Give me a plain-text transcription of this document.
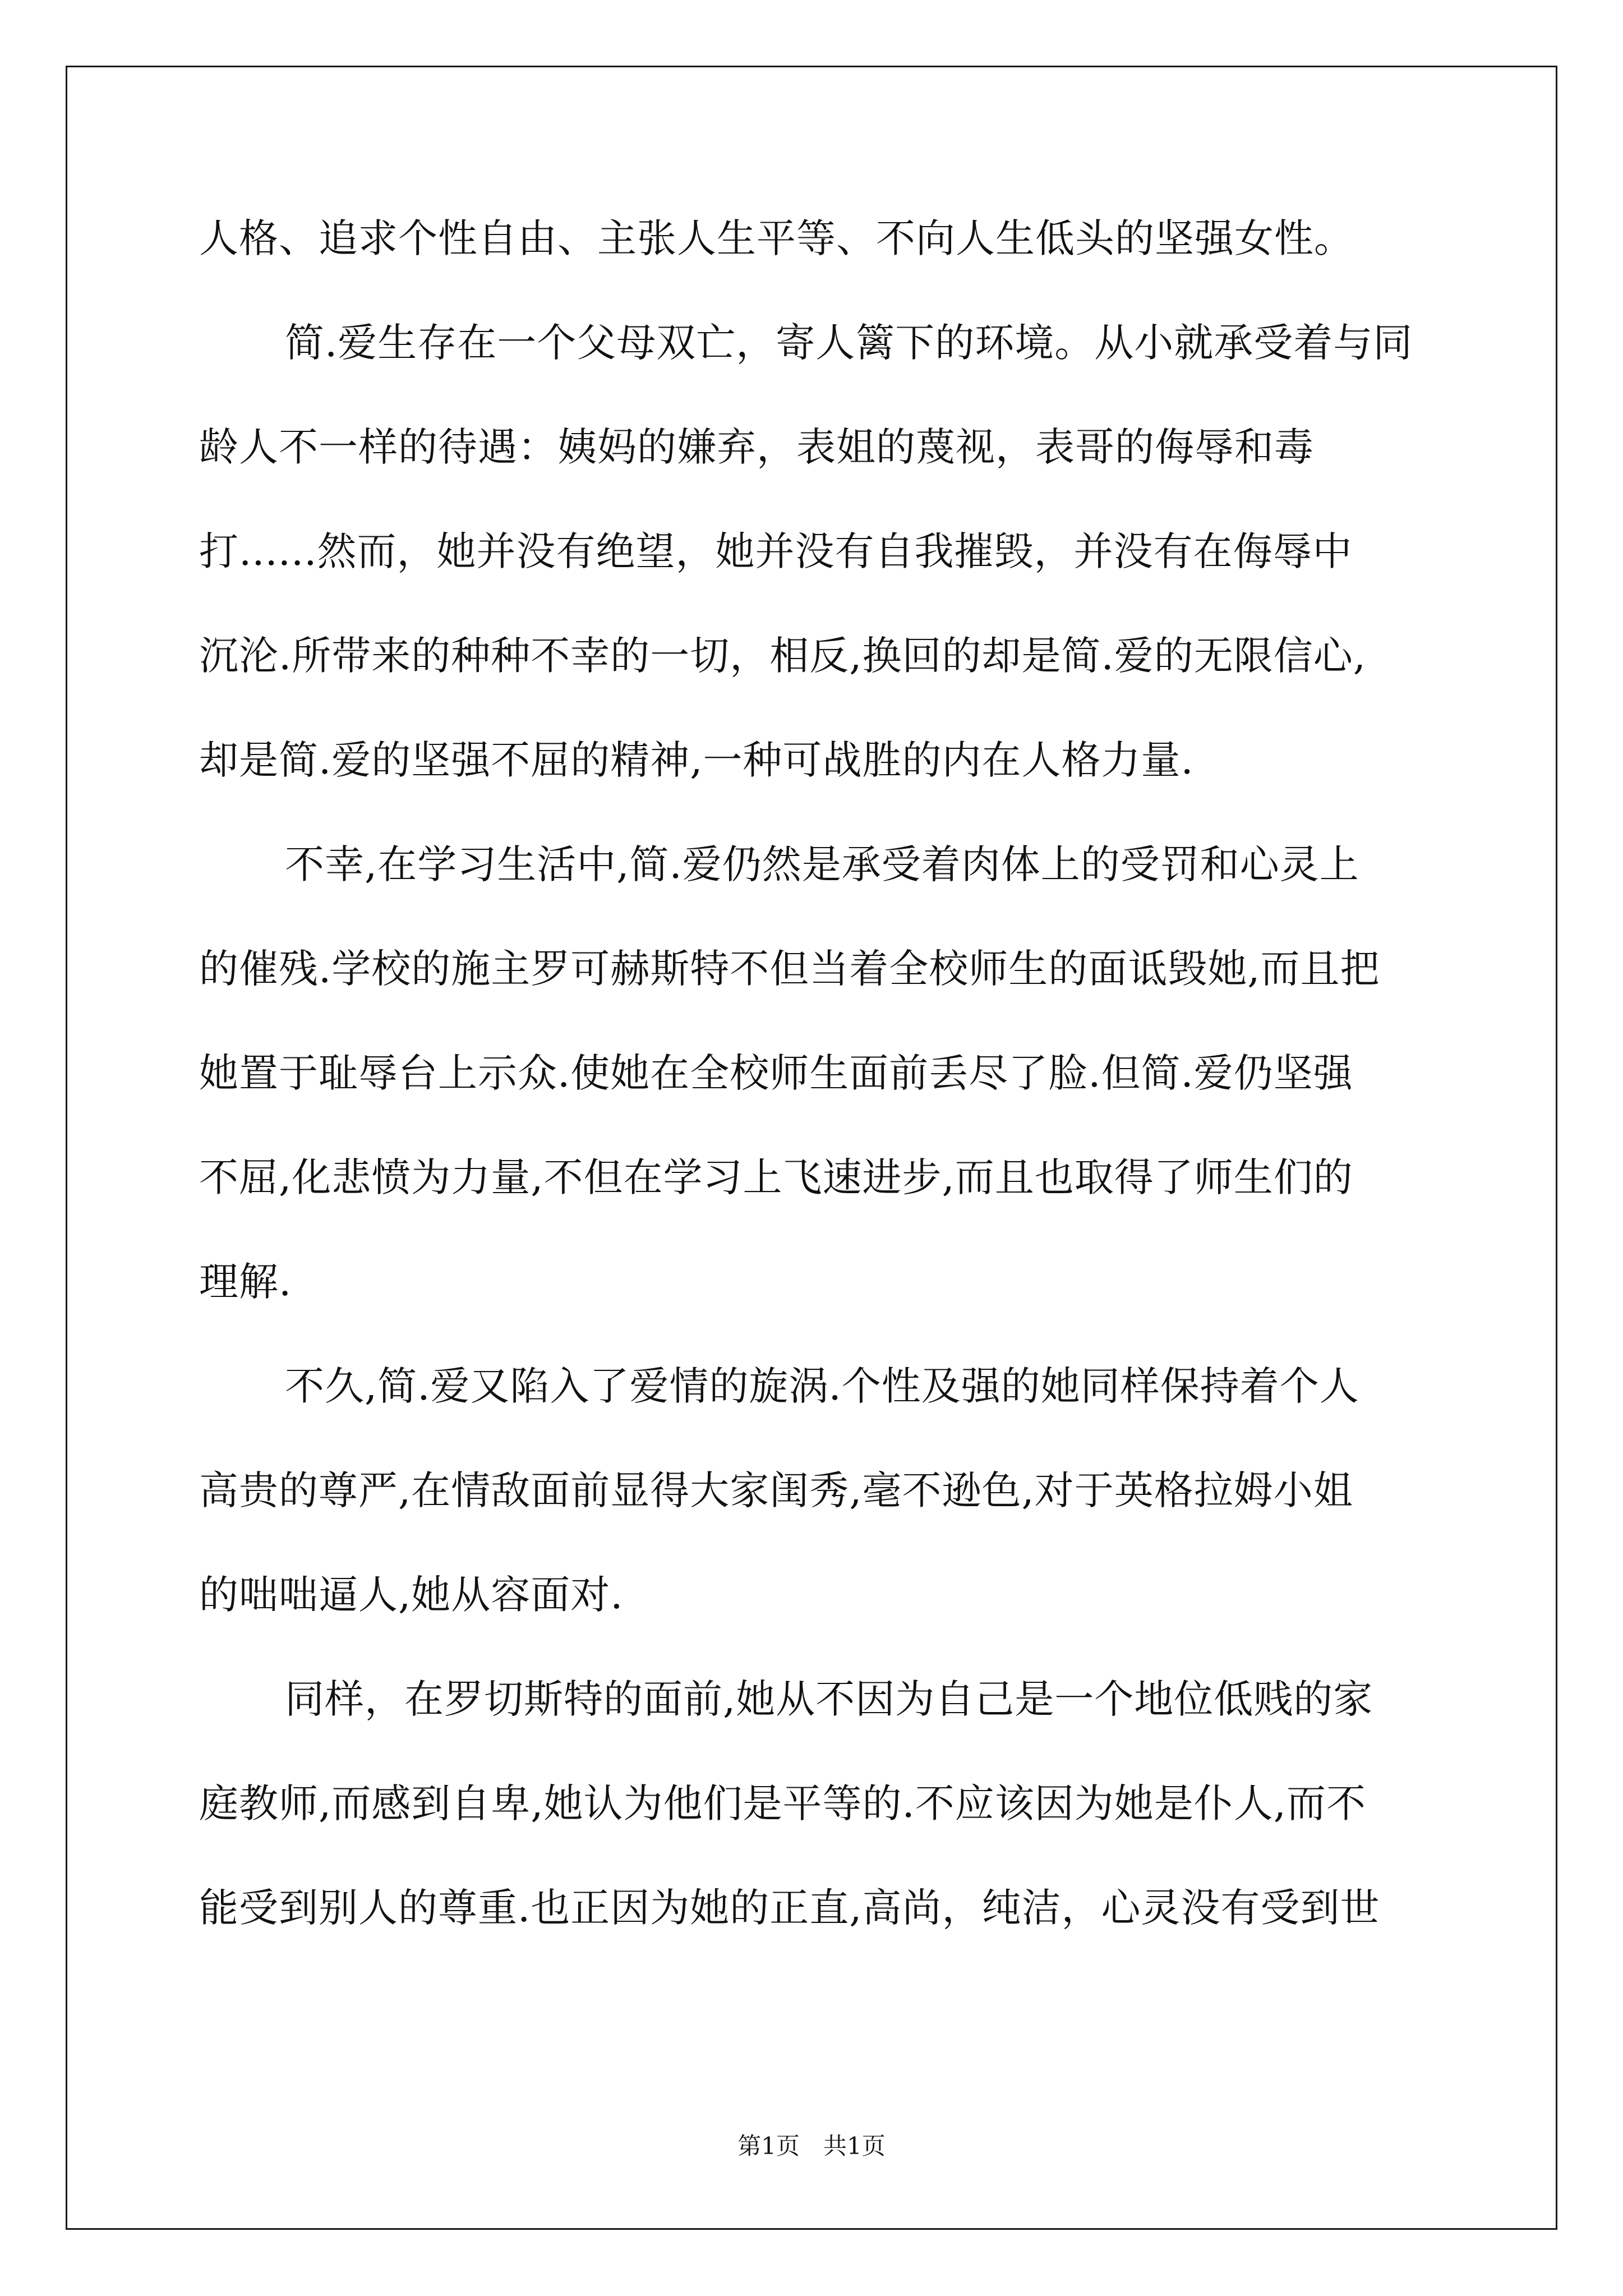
人格、追求个性自由、主张人生平等、不向人生低头的坚强女性。
简.爱生存在一个父母双亡，寄人篱下的环境。从小就承受着与同
龄人不一样的待遇：姨妈的嫌弃，表姐的蔑视，表哥的侮辱和毒
打......然而，她并没有绝望，她并没有自我摧毁，并没有在侮辱中
沉沦.所带来的种种不幸的一切，相反,换回的却是简.爱的无限信心,
却是简.爱的坚强不屈的精神,一种可战胜的内在人格力量.
不幸,在学习生活中,简.爱仍然是承受着肉体上的受罚和心灵上
的催残.学校的施主罗可赫斯特不但当着全校师生的面诋毁她,而且把
她置于耻辱台上示众.使她在全校师生面前丢尽了脸.但简.爱仍坚强
不屈,化悲愤为力量,不但在学习上飞速进步,而且也取得了师生们的
理解.
不久,简.爱又陷入了爱情的旋涡.个性及强的她同样保持着个人
高贵的尊严,在情敌面前显得大家闺秀,毫不逊色,对于英格拉姆小姐
的咄咄逼人,她从容面对.
同样，在罗切斯特的面前,她从不因为自己是一个地位低贱的家
庭教师,而感到自卑,她认为他们是平等的.不应该因为她是仆人,而不
能受到别人的尊重.也正因为她的正直,高尚，纯洁，心灵没有受到世
第1页　共1页
